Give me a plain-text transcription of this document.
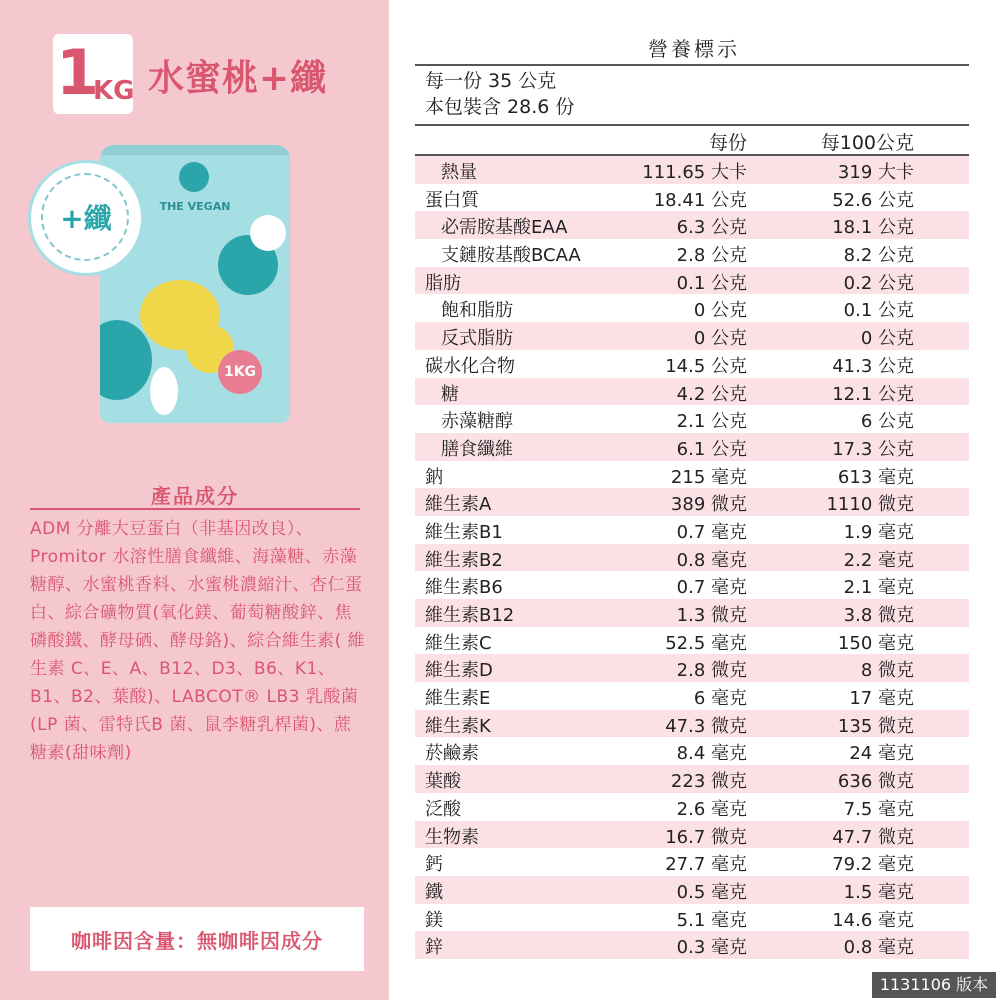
1
KG 水蜜桃+纖
THE VEGAN
1KG
+纖
產品成分
ADM 分離大豆蛋白（非基因改良）、Promitor 水溶性膳食纖維、海藻糖、赤藻糖醇、水蜜桃香料、水蜜桃濃縮汁、杏仁蛋白、綜合礦物質(氧化鎂、葡萄糖酸鋅、焦磷酸鐵、酵母硒、酵母鉻)、綜合維生素( 維生素 C、E、A、B12、D3、B6、K1、B1、B2、葉酸)、LABCOT® LB3 乳酸菌 (LP 菌、雷特氏B 菌、鼠李糖乳桿菌)、蔗糖素(甜味劑)
咖啡因含量：無咖啡因成分
營養標示
每一份 35 公克
本包裝含 28.6 份
每份	每100公克
熱量	111.65 大卡	319 大卡
蛋白質	18.41 公克	52.6 公克
必需胺基酸EAA	6.3 公克	18.1 公克
支鏈胺基酸BCAA	2.8 公克	8.2 公克
脂肪	0.1 公克	0.2 公克
飽和脂肪	0 公克	0.1 公克
反式脂肪	0 公克	0 公克
碳水化合物	14.5 公克	41.3 公克
糖	4.2 公克	12.1 公克
赤藻糖醇	2.1 公克	6 公克
膳食纖維	6.1 公克	17.3 公克
鈉	215 毫克	613 毫克
維生素A	389 微克	1110 微克
維生素B1	0.7 毫克	1.9 毫克
維生素B2	0.8 毫克	2.2 毫克
維生素B6	0.7 毫克	2.1 毫克
維生素B12	1.3 微克	3.8 微克
維生素C	52.5 毫克	150 毫克
維生素D	2.8 微克	8 微克
維生素E	6 毫克	17 毫克
維生素K	47.3 微克	135 微克
菸鹼素	8.4 毫克	24 毫克
葉酸	223 微克	636 微克
泛酸	2.6 毫克	7.5 毫克
生物素	16.7 微克	47.7 微克
鈣	27.7 毫克	79.2 毫克
鐵	0.5 毫克	1.5 毫克
鎂	5.1 毫克	14.6 毫克
鋅	0.3 毫克	0.8 毫克
1131106 版本
